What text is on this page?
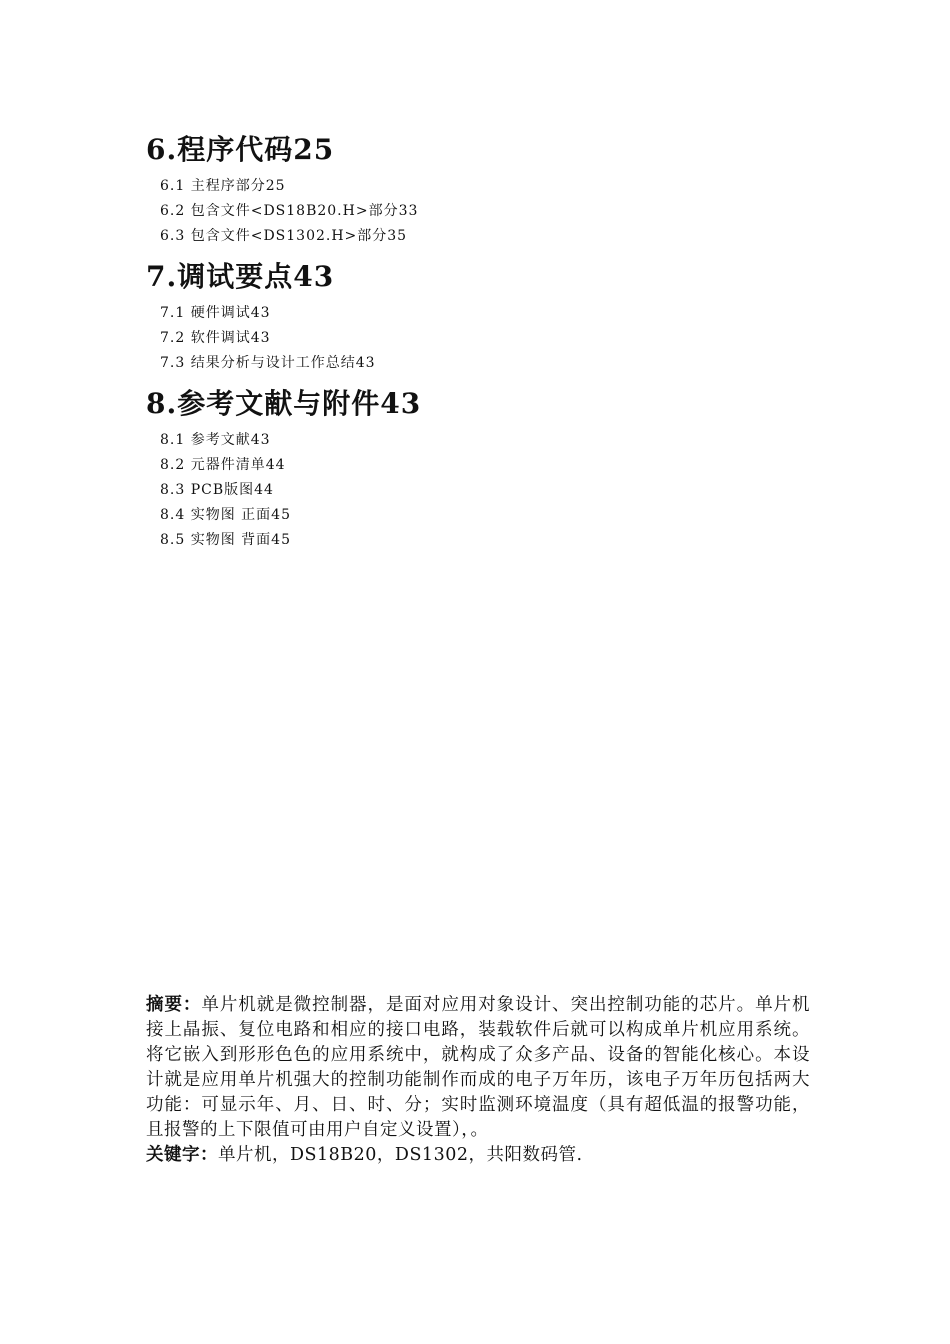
6.程序代码25
6.1 主程序部分25
6.2 包含文件<DS18B20.H>部分33
6.3 包含文件<DS1302.H>部分35
7.调试要点43
7.1 硬件调试43
7.2 软件调试43
7.3 结果分析与设计工作总结43
8.参考文献与附件43
8.1 参考文献43
8.2 元器件清单44
8.3 PCB版图44
8.4 实物图 正面45
8.5 实物图 背面45

摘要：单片机就是微控制器，是面对应用对象设计、突出控制功能的芯片。单片机接上晶振、复位电路和相应的接口电路，装载软件后就可以构成单片机应用系统。将它嵌入到形形色色的应用系统中，就构成了众多产品、设备的智能化核心。本设计就是应用单片机强大的控制功能制作而成的电子万年历，该电子万年历包括两大功能：可显示年、月、日、时、分；实时监测环境温度（具有超低温的报警功能，且报警的上下限值可由用户自定义设置），。

关键字：单片机，DS18B20，DS1302，共阳数码管.
